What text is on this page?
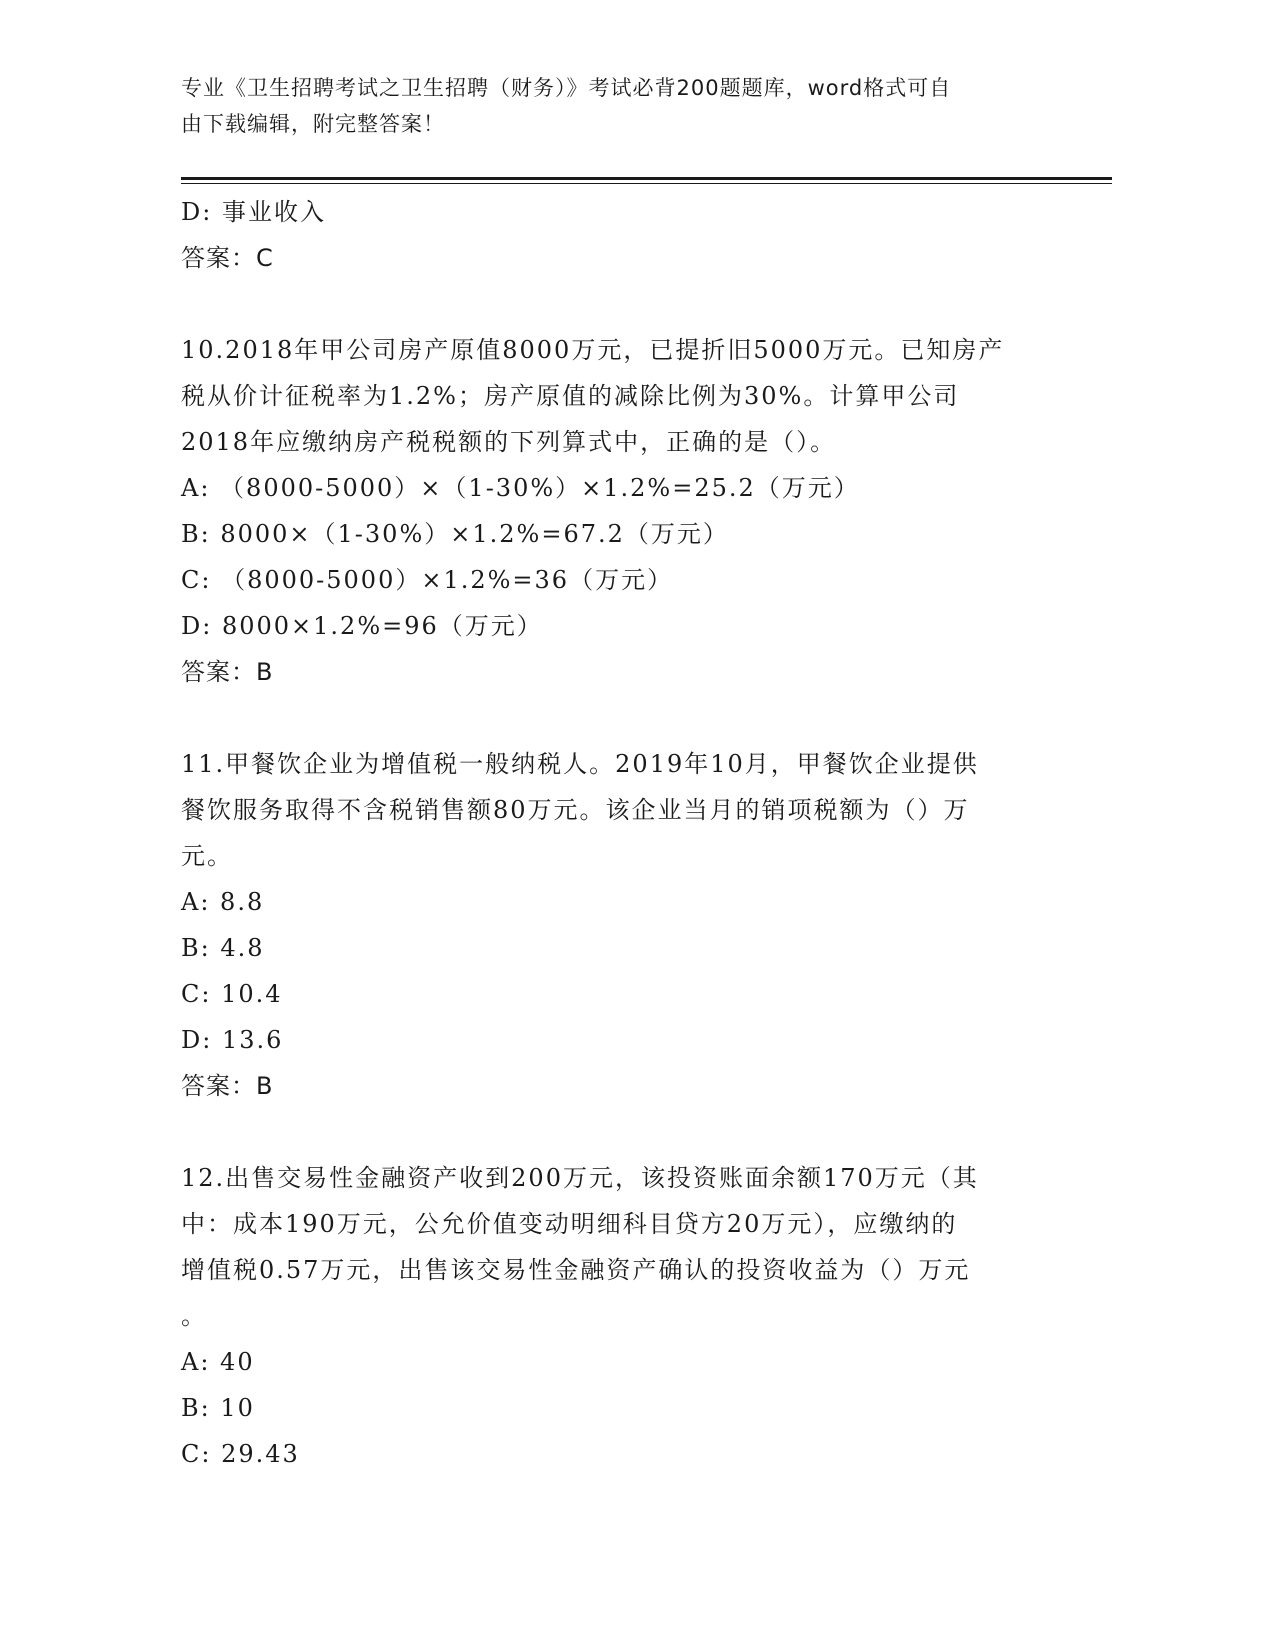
专业《卫生招聘考试之卫生招聘（财务）》考试必背200题题库，word格式可自
由下载编辑，附完整答案！
D: 事业收入
答案：C
10.2018年甲公司房产原值8000万元，已提折旧5000万元。已知房产
税从价计征税率为1.2%；房产原值的减除比例为30%。计算甲公司
2018年应缴纳房产税税额的下列算式中，正确的是（）。
A: （8000-5000）×（1-30%）×1.2%=25.2（万元）
B: 8000×（1-30%）×1.2%=67.2（万元）
C: （8000-5000）×1.2%=36（万元）
D: 8000×1.2%=96（万元）
答案：B
11.甲餐饮企业为增值税一般纳税人。2019年10月，甲餐饮企业提供
餐饮服务取得不含税销售额80万元。该企业当月的销项税额为（）万
元。
A: 8.8
B: 4.8
C: 10.4
D: 13.6
答案：B
12.出售交易性金融资产收到200万元，该投资账面余额170万元（其
中：成本190万元，公允价值变动明细科目贷方20万元），应缴纳的
增值税0.57万元，出售该交易性金融资产确认的投资收益为（）万元
。
A: 40
B: 10
C: 29.43
